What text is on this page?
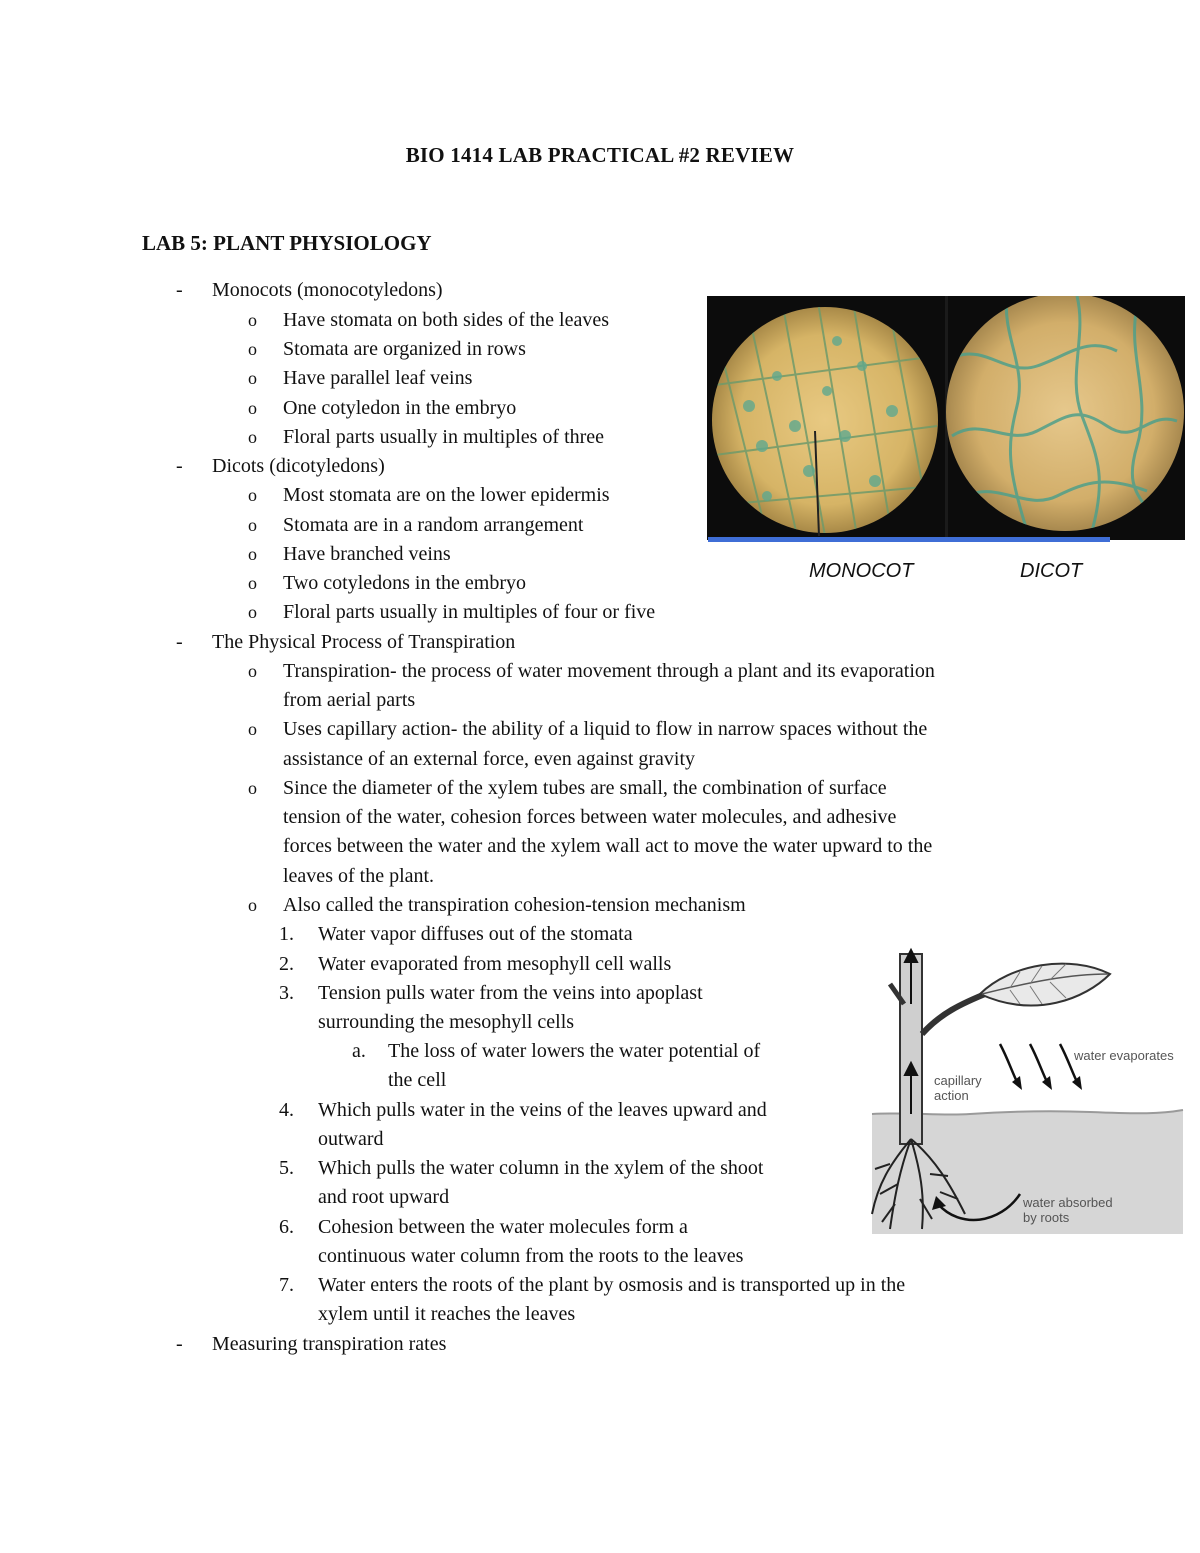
BIO 1414 LAB PRACTICAL #2 REVIEW
LAB 5: PLANT PHYSIOLOGY
- Monocots (monocotyledons)
o Have stomata on both sides of the leaves
o Stomata are organized in rows
o Have parallel leaf veins
o One cotyledon in the embryo
o Floral parts usually in multiples of three
- Dicots (dicotyledons)
o Most stomata are on the lower epidermis
o Stomata are in a random arrangement
o Have branched veins
o Two cotyledons in the embryo
o Floral parts usually in multiples of four or five
- The Physical Process of Transpiration
o Transpiration- the process of water movement through a plant and its evaporation
from aerial parts
o Uses capillary action- the ability of a liquid to flow in narrow spaces without the
assistance of an external force, even against gravity
o Since the diameter of the xylem tubes are small, the combination of surface
tension of the water, cohesion forces between water molecules, and adhesive
forces between the water and the xylem wall act to move the water upward to the
leaves of the plant.
o Also called the transpiration cohesion-tension mechanism
1. Water vapor diffuses out of the stomata
2. Water evaporated from mesophyll cell walls
3. Tension pulls water from the veins into apoplast
surrounding the mesophyll cells
a. The loss of water lowers the water potential of
the cell
4. Which pulls water in the veins of the leaves upward and
outward
5. Which pulls the water column in the xylem of the shoot
and root upward
6. Cohesion between the water molecules form a
continuous water column from the roots to the leaves
7. Water enters the roots of the plant by osmosis and is transported up in the
xylem until it reaches the leaves
- Measuring transpiration rates
MONOCOT	DICOT
water evaporates
capillary
action
water absorbed
by roots
